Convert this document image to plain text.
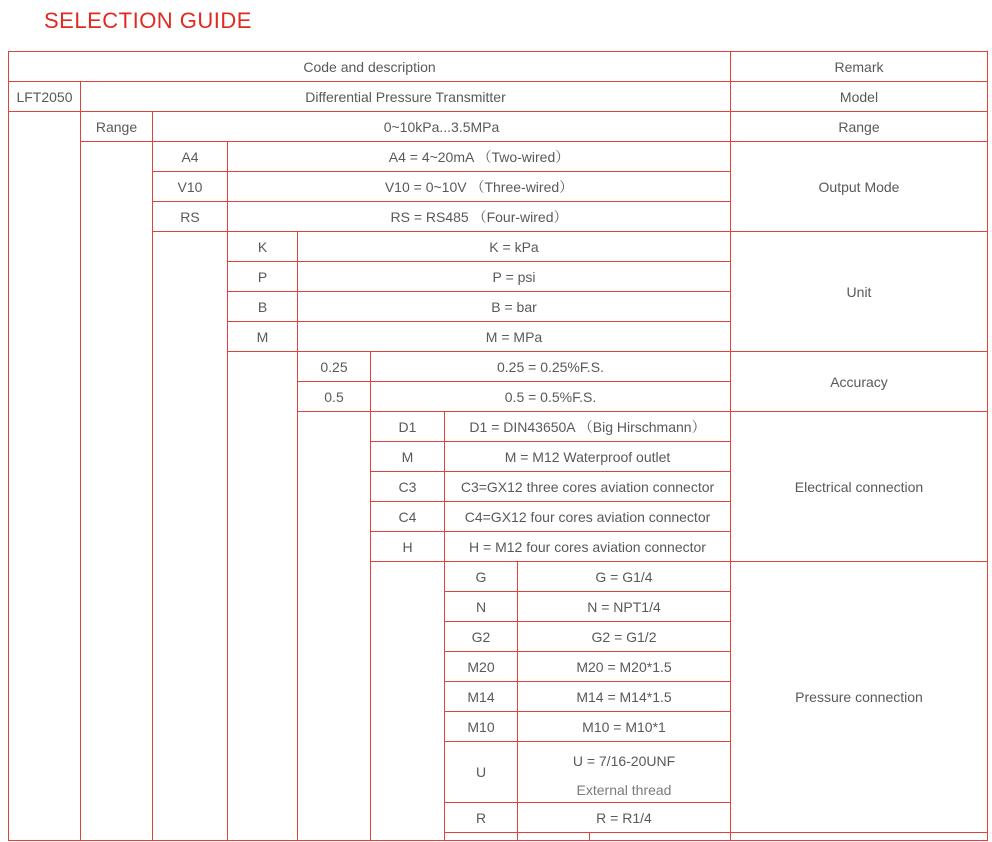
SELECTION GUIDE
Code and description									Remark
LFT2050	Differential Pressure Transmitter								Model
	Range	0~10kPa...3.5MPa							Range
		A4	A4 = 4~20mA （Two-wired）						Output Mode
		V10	V10 = 0~10V （Three-wired）						
		RS	RS = RS485 （Four-wired）						
			K	K = kPa					Unit
			P	P = psi					
			B	B = bar					
			M	M = MPa					
				0.25	0.25 = 0.25%F.S.				Accuracy
				0.5	0.5 = 0.5%F.S.				
					D1	D1 = DIN43650A （Big Hirschmann）			Electrical connection
					M	M = M12 Waterproof outlet			
					C3	C3=GX12 three cores aviation connector			
					C4	C4=GX12 four cores aviation connector			
					H	H = M12 four cores aviation connector			
						G	G = G1/4		Pressure connection
						N	N = NPT1/4		
						G2	G2 = G1/2		
						M20	M20 = M20*1.5		
						M14	M14 = M14*1.5		
						M10	M10 = M10*1		
						U	U = 7/16-20UNF
External thread		

						R	R = R1/4		
